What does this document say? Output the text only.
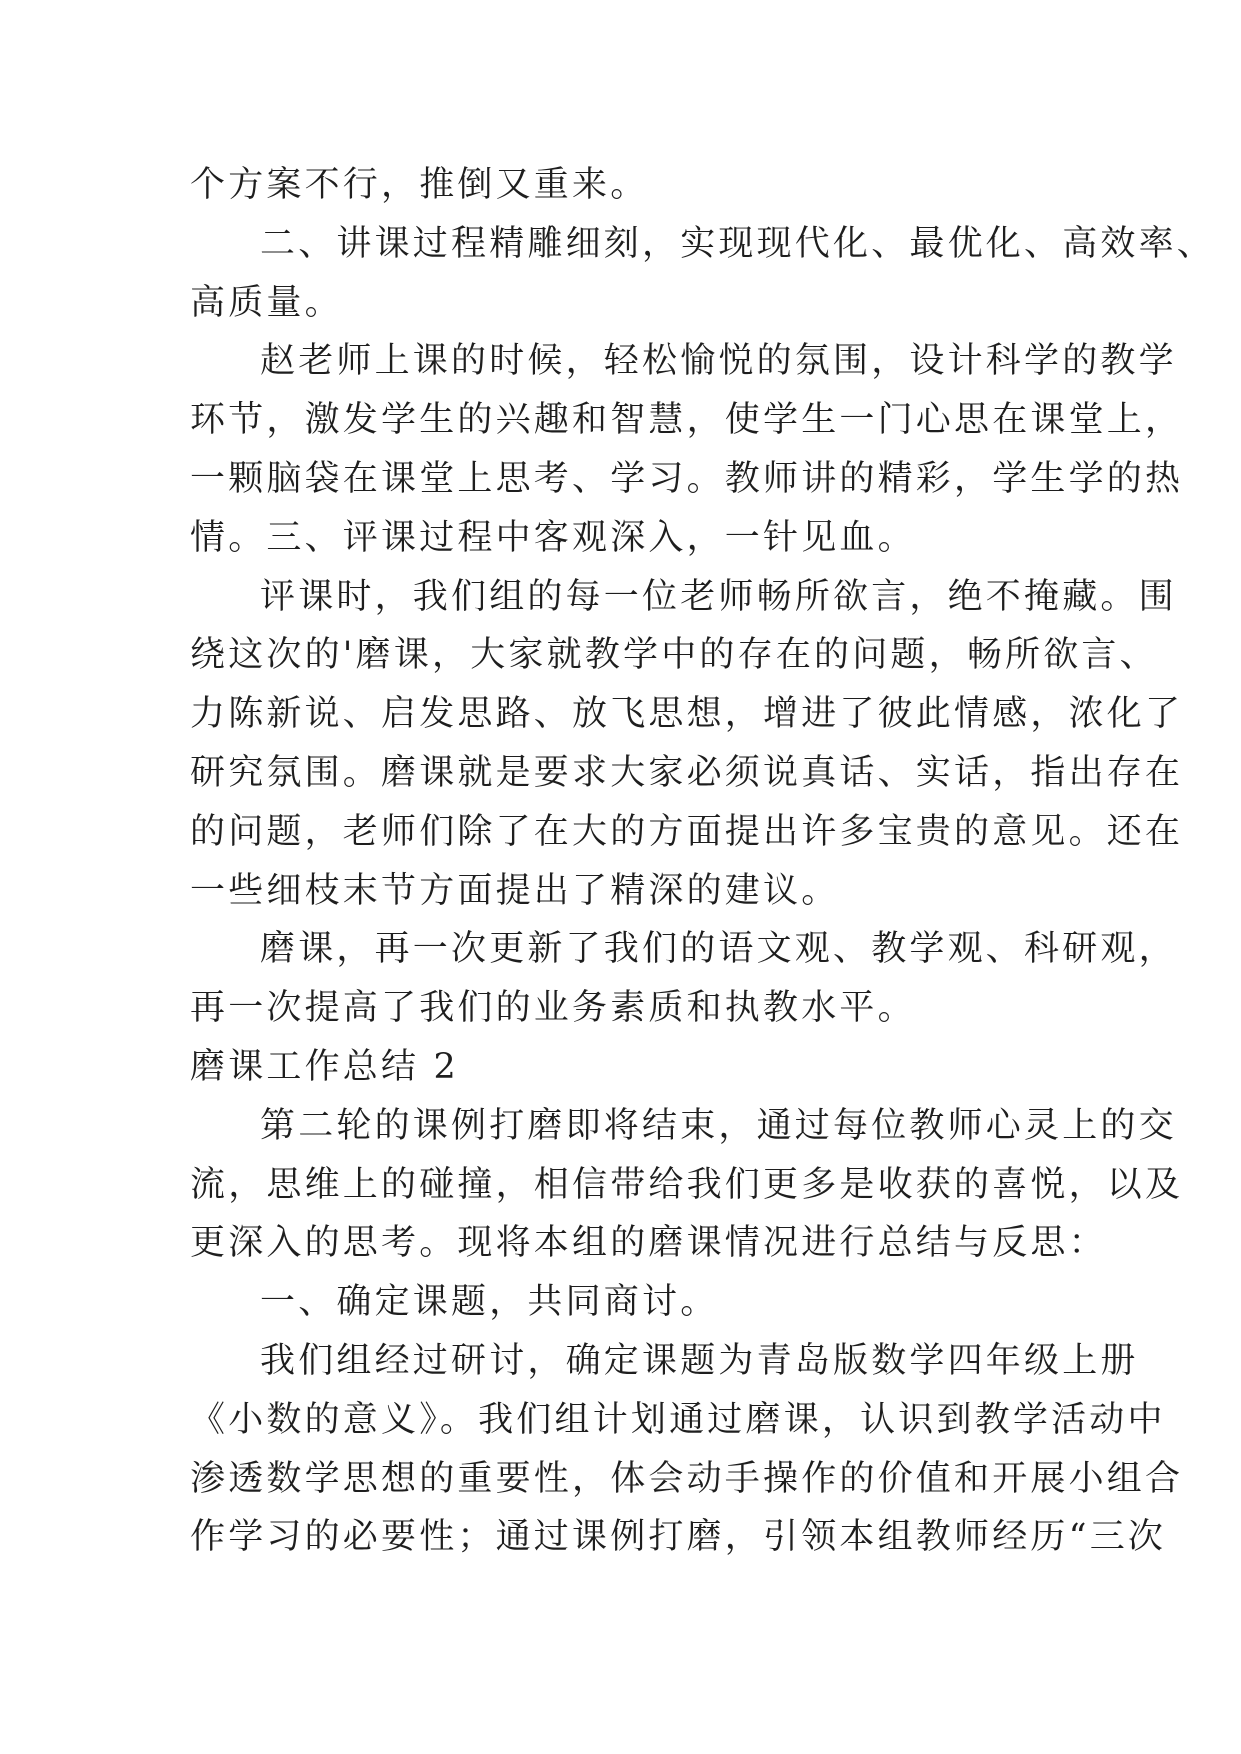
个方案不行，推倒又重来。
二、讲课过程精雕细刻，实现现代化、最优化、高效率、
高质量。
赵老师上课的时候，轻松愉悦的氛围，设计科学的教学
环节，激发学生的兴趣和智慧，使学生一门心思在课堂上，
一颗脑袋在课堂上思考、学习。教师讲的精彩，学生学的热
情。三、评课过程中客观深入，一针见血。
评课时，我们组的每一位老师畅所欲言，绝不掩藏。围
绕这次的'磨课，大家就教学中的存在的问题，畅所欲言、
力陈新说、启发思路、放飞思想，增进了彼此情感，浓化了
研究氛围。磨课就是要求大家必须说真话、实话，指出存在
的问题，老师们除了在大的方面提出许多宝贵的意见。还在
一些细枝末节方面提出了精深的建议。
磨课，再一次更新了我们的语文观、教学观、科研观，
再一次提高了我们的业务素质和执教水平。
磨课工作总结 2
第二轮的课例打磨即将结束，通过每位教师心灵上的交
流，思维上的碰撞，相信带给我们更多是收获的喜悦，以及
更深入的思考。现将本组的磨课情况进行总结与反思：
一、确定课题，共同商讨。
我们组经过研讨，确定课题为青岛版数学四年级上册
《小数的意义》。我们组计划通过磨课，认识到教学活动中
渗透数学思想的重要性，体会动手操作的价值和开展小组合
作学习的必要性；通过课例打磨，引领本组教师经历“三次
